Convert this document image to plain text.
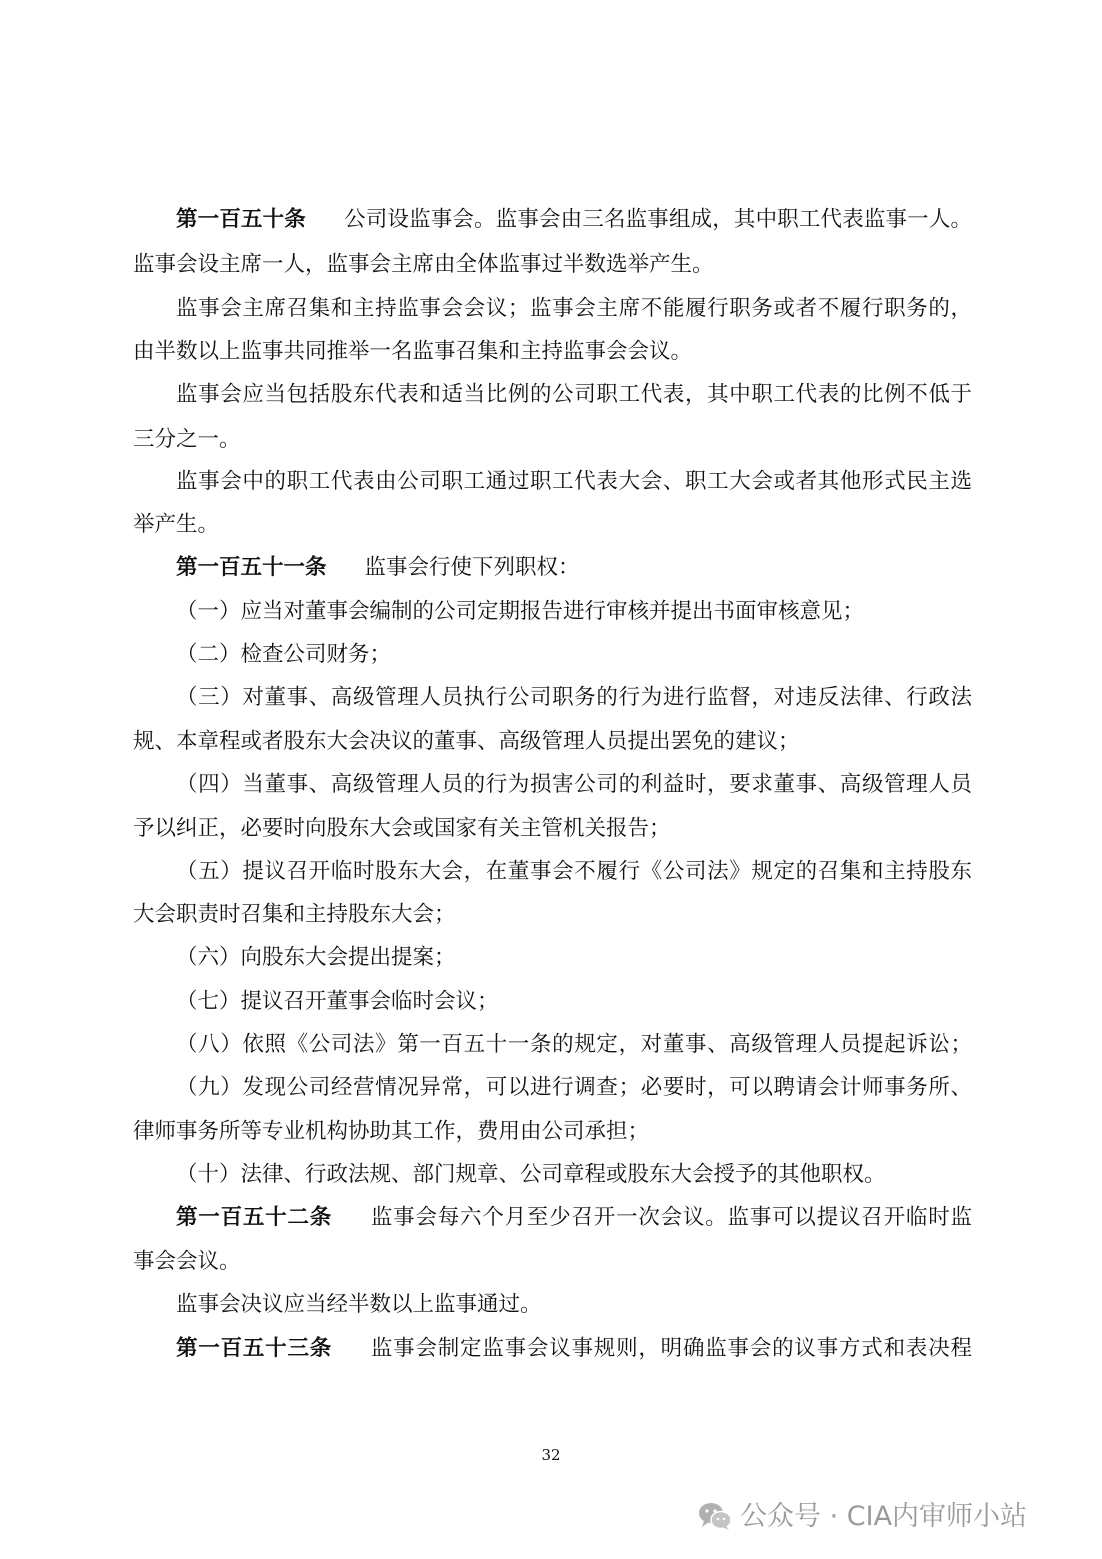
第一百五十条 公司设监事会。监事会由三名监事组成，其中职工代表监事一人。
监事会设主席一人，监事会主席由全体监事过半数选举产生。
监事会主席召集和主持监事会会议；监事会主席不能履行职务或者不履行职务的，
由半数以上监事共同推举一名监事召集和主持监事会会议。
监事会应当包括股东代表和适当比例的公司职工代表，其中职工代表的比例不低于
三分之一。
监事会中的职工代表由公司职工通过职工代表大会、职工大会或者其他形式民主选
举产生。
第一百五十一条 监事会行使下列职权：
（一）应当对董事会编制的公司定期报告进行审核并提出书面审核意见；
（二）检查公司财务；
（三）对董事、高级管理人员执行公司职务的行为进行监督，对违反法律、行政法
规、本章程或者股东大会决议的董事、高级管理人员提出罢免的建议；
（四）当董事、高级管理人员的行为损害公司的利益时，要求董事、高级管理人员
予以纠正，必要时向股东大会或国家有关主管机关报告；
（五）提议召开临时股东大会，在董事会不履行《公司法》规定的召集和主持股东
大会职责时召集和主持股东大会；
（六）向股东大会提出提案；
（七）提议召开董事会临时会议；
（八）依照《公司法》第一百五十一条的规定，对董事、高级管理人员提起诉讼；
（九）发现公司经营情况异常，可以进行调查；必要时，可以聘请会计师事务所、
律师事务所等专业机构协助其工作，费用由公司承担；
（十）法律、行政法规、部门规章、公司章程或股东大会授予的其他职权。
第一百五十二条 监事会每六个月至少召开一次会议。监事可以提议召开临时监
事会会议。
监事会决议应当经半数以上监事通过。
第一百五十三条 监事会制定监事会议事规则，明确监事会的议事方式和表决程
32
公众号 · CIA内审师小站
